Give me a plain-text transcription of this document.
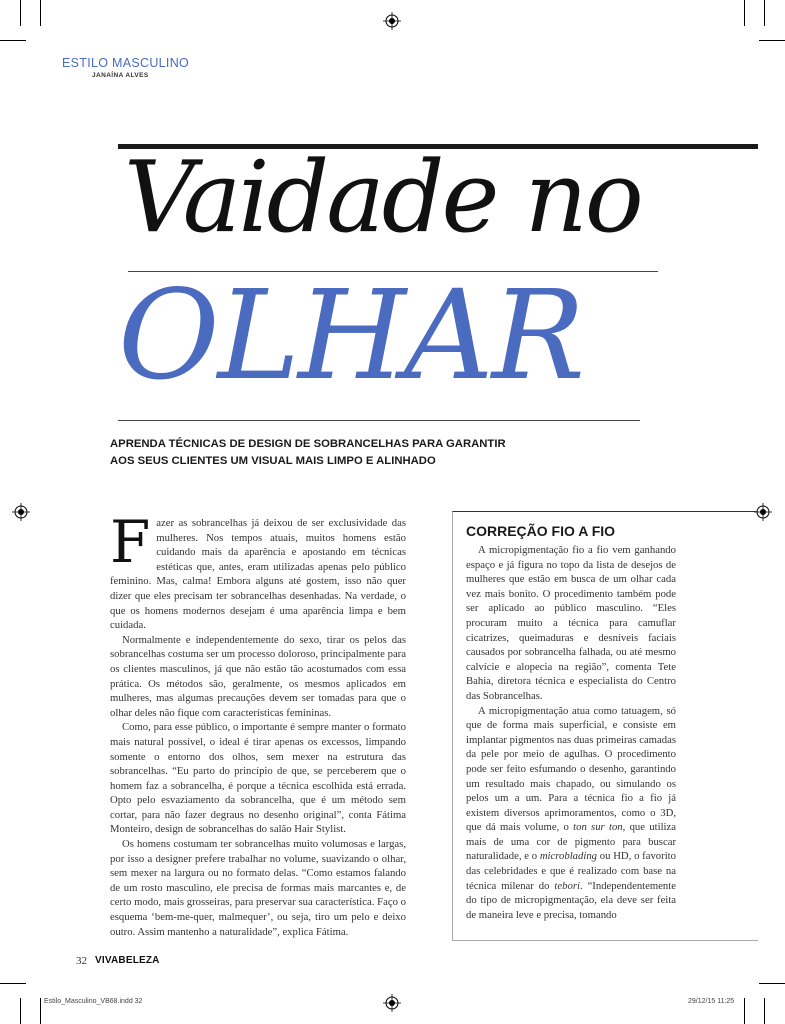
ESTILO MASCULINO
JANAÍNA ALVES
Vaidade no
OLHAR
APRENDA TÉCNICAS DE DESIGN DE SOBRANCELHAS PARA GARANTIR
AOS SEUS CLIENTES UM VISUAL MAIS LIMPO E ALINHADO

Fazer as sobrancelhas já deixou de ser exclusividade das mulheres. Nos tempos atuais, muitos homens estão cuidando mais da aparência e apostando em técnicas estéticas que, antes, eram utilizadas apenas pelo público feminino. Mas, calma! Embora alguns até gostem, isso não quer dizer que eles precisam ter sobrancelhas desenhadas. Na verdade, o que os homens modernos desejam é uma aparência limpa e bem cuidada.

Normalmente e independentemente do sexo, tirar os pelos das sobrancelhas costuma ser um processo doloroso, principalmente para os clientes masculinos, já que não estão tão acostumados com essa prática. Os métodos são, geralmente, os mesmos aplicados em mulheres, mas algumas precauções devem ser tomadas para que o olhar deles não fique com características femininas.

Como, para esse público, o importante é sempre manter o formato mais natural possível, o ideal é tirar apenas os excessos, limpando somente o entorno dos olhos, sem mexer na estrutura das sobrancelhas. “Eu parto do princípio de que, se perceberem que o homem faz a sobrancelha, é porque a técnica escolhida está errada. Opto pelo esvaziamento da sobrancelha, que é um método sem cortar, para não fazer degraus no desenho original”, conta Fátima Monteiro, design de sobrancelhas do salão Hair Stylist.

Os homens costumam ter sobrancelhas muito volumosas e largas, por isso a designer prefere trabalhar no volume, suavizando o olhar, sem mexer na largura ou no formato delas. “Como estamos falando de um rosto masculino, ele precisa de formas mais marcantes e, de certo modo, mais grosseiras, para preservar sua característica. Faço o esquema ‘bem-me-quer, malmequer’, ou seja, tiro um pelo e deixo outro. Assim mantenho a naturalidade”, explica Fátima.

CORREÇÃO FIO A FIO

A micropigmentação fio a fio vem ganhando espaço e já figura no topo da lista de desejos de mulheres que estão em busca de um olhar cada vez mais bonito. O procedimento também pode ser aplicado ao público masculino. “Eles procuram muito a técnica para camuflar cicatrizes, queimaduras e desníveis faciais causados por sobrancelha falhada, ou até mesmo calvície e alopecia na região”, comenta Tete Bahia, diretora técnica e especialista do Centro das Sobrancelhas.

A micropigmentação atua como tatuagem, só que de forma mais superficial, e consiste em implantar pigmentos nas duas primeiras camadas da pele por meio de agulhas. O procedimento pode ser feito esfumando o desenho, garantindo um resultado mais chapado, ou simulando os pelos um a um. Para a técnica fio a fio já existem diversos aprimoramentos, como o 3D, que dá mais volume, o ton sur ton, que utiliza mais de uma cor de pigmento para buscar naturalidade, e o microblading ou HD, o favorito das celebridades e que é realizado com base na técnica milenar do tebori. “Independentemente do tipo de micropigmentação, ela deve ser feita de maneira leve e precisa, tomando

32 VIVABELEZA
Estilo_Masculino_VB68.indd 32	29/12/15 11:25
